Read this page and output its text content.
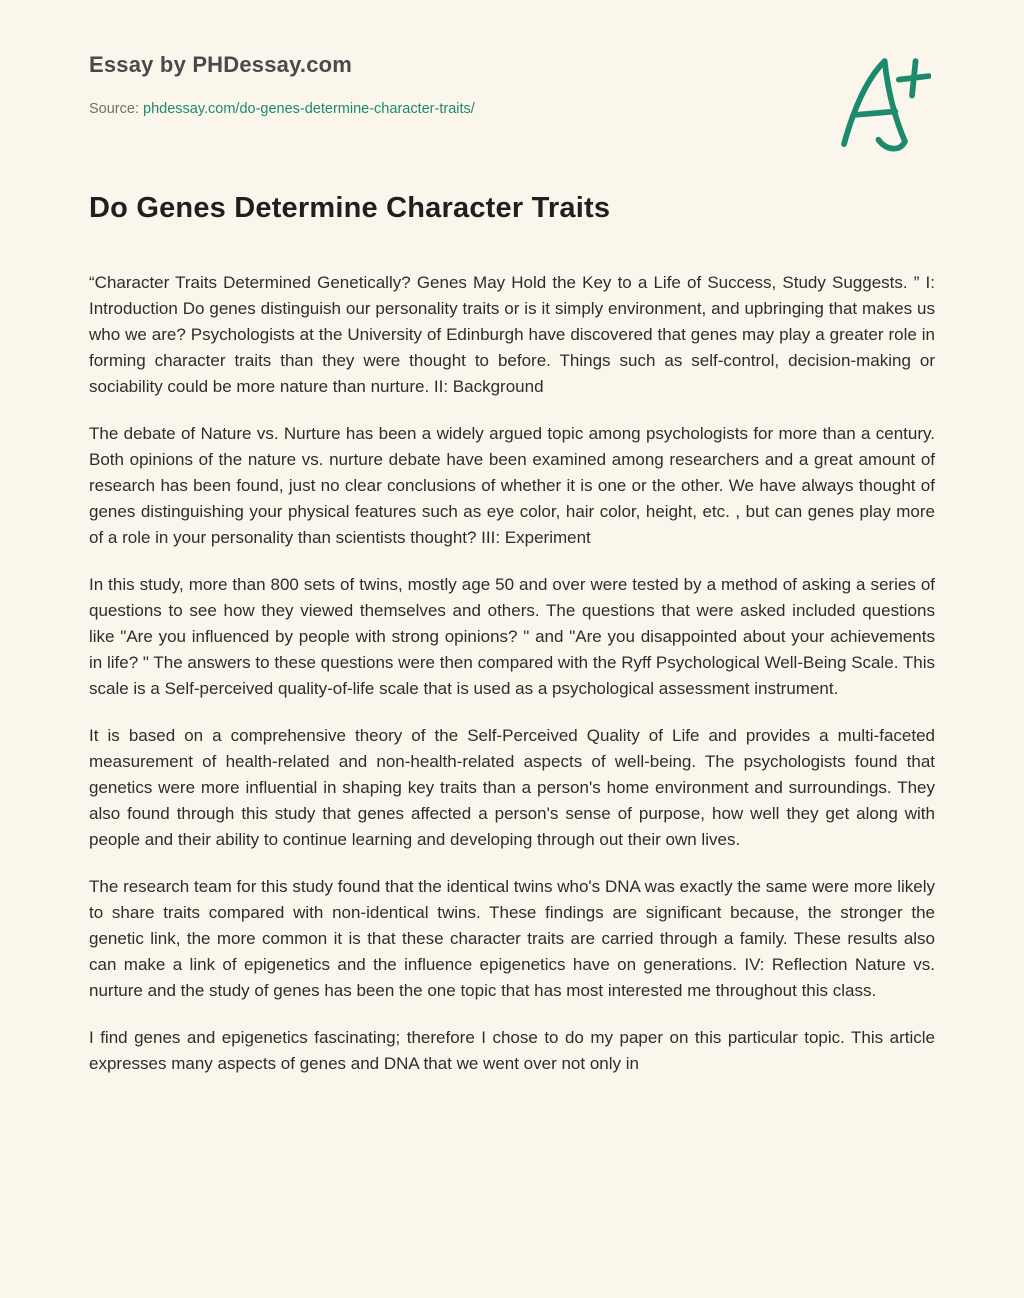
Essay by PHDessay.com
Source: phdessay.com/do-genes-determine-character-traits/
Do Genes Determine Character Traits

“Character Traits Determined Genetically? Genes May Hold the Key to a Life of Success, Study Suggests. ” I: Introduction Do genes distinguish our personality traits or is it simply environment, and upbringing that makes us who we are? Psychologists at the University of Edinburgh have discovered that genes may play a greater role in forming character traits than they were thought to before. Things such as self-control, decision-making or sociability could be more nature than nurture. II: Background

The debate of Nature vs. Nurture has been a widely argued topic among psychologists for more than a century. Both opinions of the nature vs. nurture debate have been examined among researchers and a great amount of research has been found, just no clear conclusions of whether it is one or the other. We have always thought of genes distinguishing your physical features such as eye color, hair color, height, etc. , but can genes play more of a role in your personality than scientists thought? III: Experiment

In this study, more than 800 sets of twins, mostly age 50 and over were tested by a method of asking a series of questions to see how they viewed themselves and others. The questions that were asked included questions like "Are you influenced by people with strong opinions? " and "Are you disappointed about your achievements in life? " The answers to these questions were then compared with the Ryff Psychological Well-Being Scale. This scale is a Self-perceived quality-of-life scale that is used as a psychological assessment instrument.

It is based on a comprehensive theory of the Self-Perceived Quality of Life and provides a multi-faceted measurement of health-related and non-health-related aspects of well-being. The psychologists found that genetics were more influential in shaping key traits than a person's home environment and surroundings. They also found through this study that genes affected a person's sense of purpose, how well they get along with people and their ability to continue learning and developing through out their own lives.

The research team for this study found that the identical twins who's DNA was exactly the same were more likely to share traits compared with non-identical twins. These findings are significant because, the stronger the genetic link, the more common it is that these character traits are carried through a family. These results also can make a link of epigenetics and the influence epigenetics have on generations. IV: Reflection Nature vs. nurture and the study of genes has been the one topic that has most interested me throughout this class.

I find genes and epigenetics fascinating; therefore I chose to do my paper on this particular topic. This article expresses many aspects of genes and DNA that we went over not only in
